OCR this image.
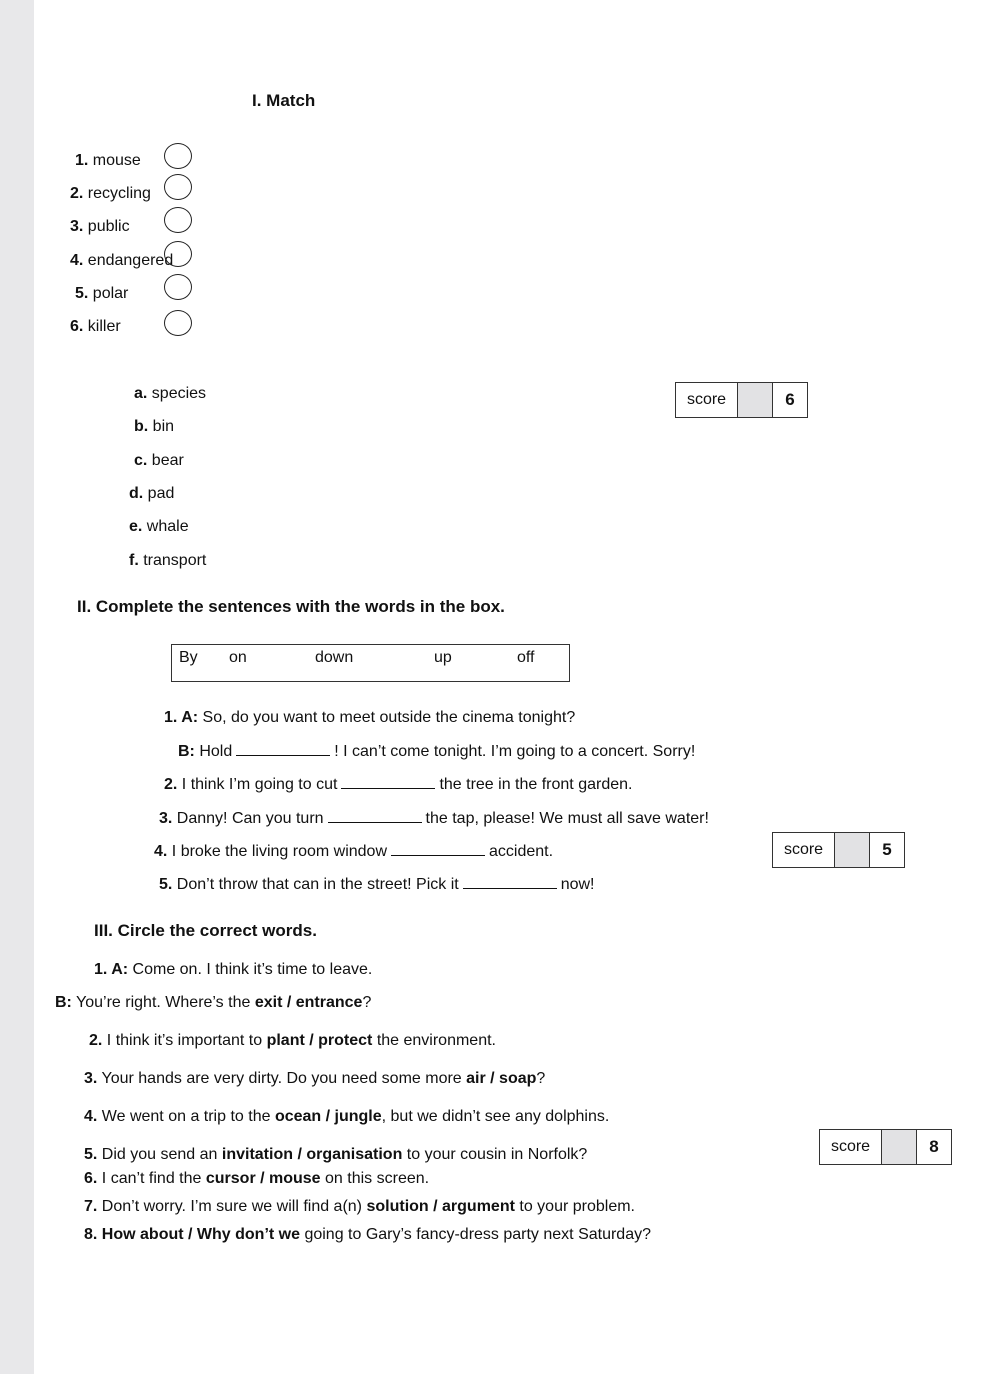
I. Match
1. mouse
2. recycling
3. public
4. endangered
5. polar
6. killer
a. species
b. bin
c. bear
d. pad
e. whale
f. transport
score	6
II. Complete the sentences with the words in the box.
By on	down	up	off
1. A: So, do you want to meet outside the cinema tonight?
B: Hold	! I can’t come tonight. I’m going to a concert. Sorry!
2. I think I’m going to cut	the tree in the front garden.
3. Danny! Can you turn	the tap, please! We must all save water!
4. I broke the living room window	accident.
5. Don’t throw that can in the street! Pick it	now!
score	5
III. Circle the correct words.
1. A: Come on. I think it’s time to leave.
B: You’re right. Where’s the exit / entrance?
2. I think it’s important to plant / protect the environment.
3. Your hands are very dirty. Do you need some more air / soap?
4. We went on a trip to the ocean / jungle, but we didn’t see any dolphins.
5. Did you send an invitation / organisation to your cousin in Norfolk?
6. I can’t find the cursor / mouse on this screen.
7. Don’t worry. I’m sure we will find a(n) solution / argument to your problem.
8. How about / Why don’t we going to Gary’s fancy-dress party next Saturday?
score	8
